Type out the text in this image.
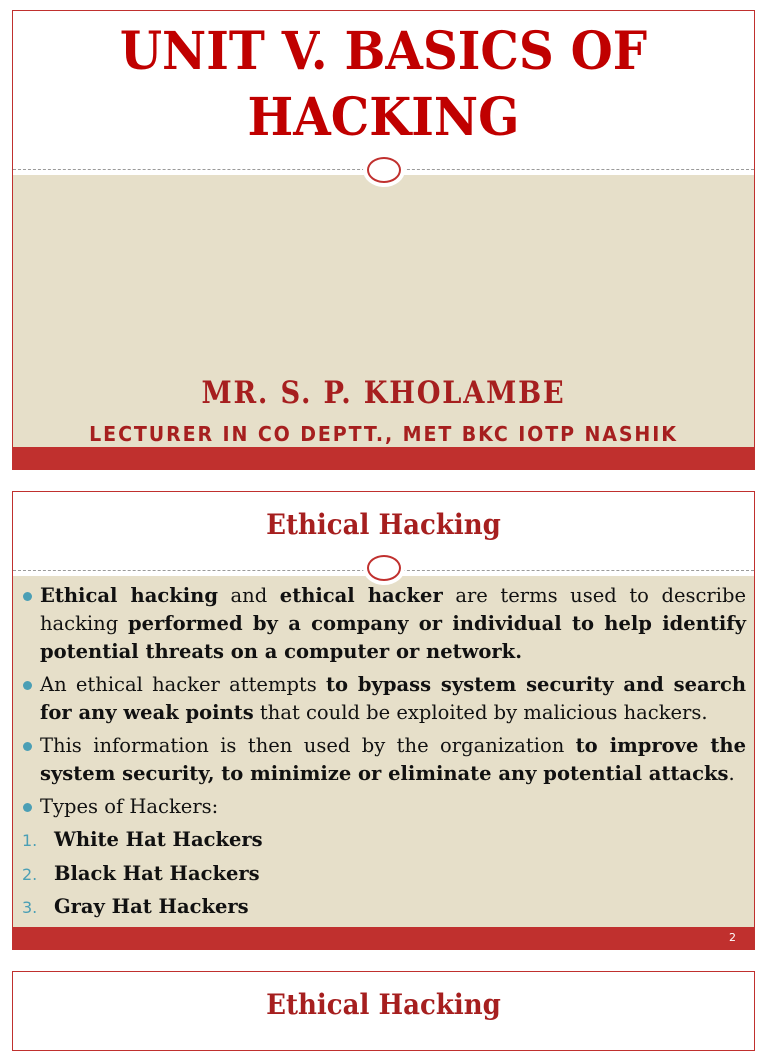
UNIT V. BASICS OF
HACKING

MR. S. P. KHOLAMBE

LECTURER IN CO DEPTT., MET BKC IOTP NASHIK

Ethical Hacking
Ethical hacking and ethical hacker are terms used to describe hacking performed by a company or individual to help identify potential threats on a computer or network.
An ethical hacker attempts to bypass system security and search for any weak points that could be exploited by malicious hackers.
This information is then used by the organization to improve the system security, to minimize or eliminate any potential attacks.
Types of Hackers:
1. White Hat Hackers
2. Black Hat Hackers
3. Gray Hat Hackers
2
Ethical Hacking
